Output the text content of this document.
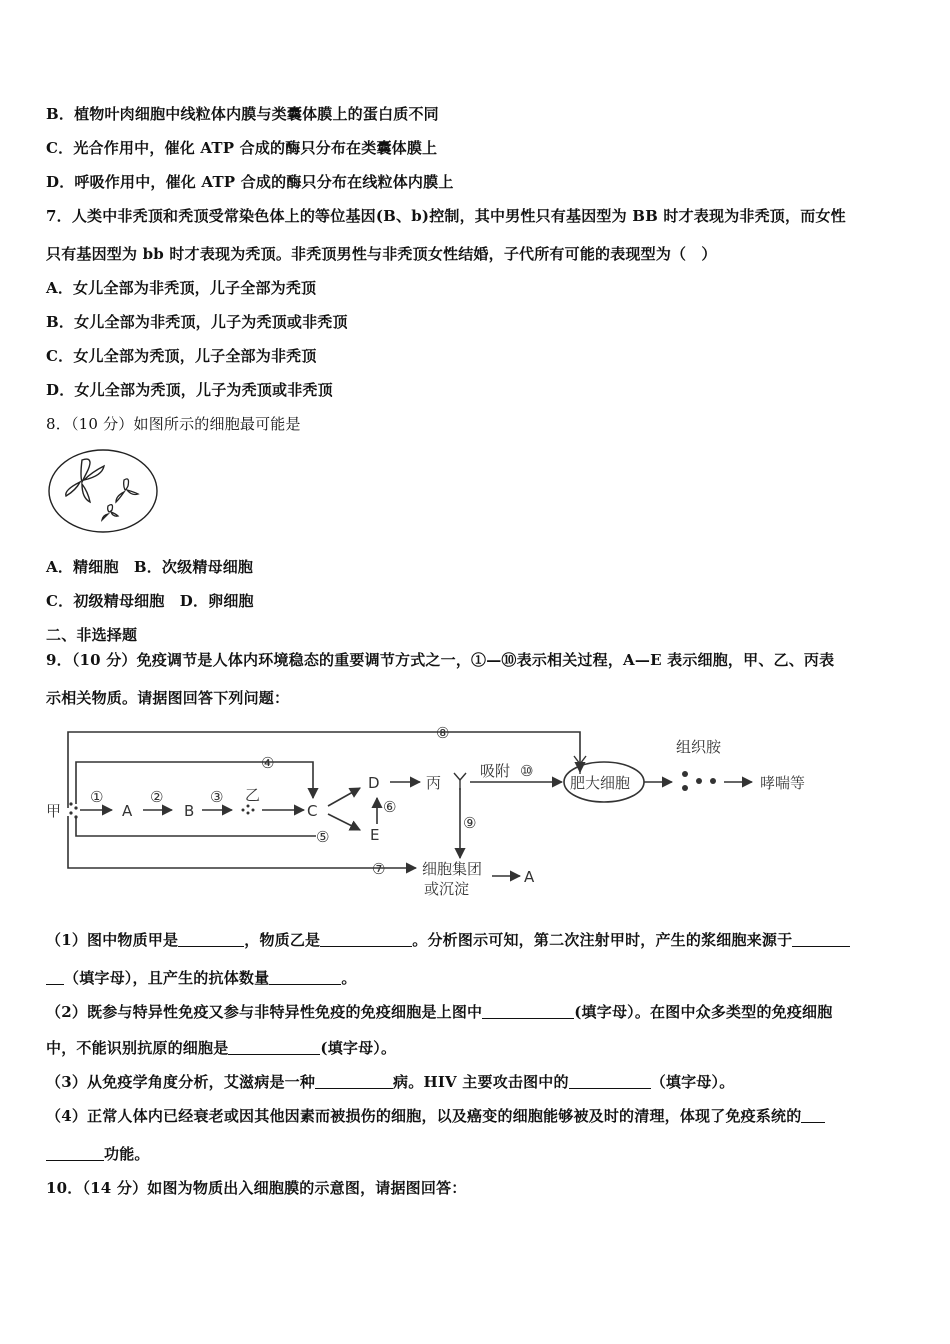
B．植物叶肉细胞中线粒体内膜与类囊体膜上的蛋白质不同
C．光合作用中，催化 ATP 合成的酶只分布在类囊体膜上
D．呼吸作用中，催化 ATP 合成的酶只分布在线粒体内膜上
7．人类中非秃顶和秃顶受常染色体上的等位基因(B、b)控制，其中男性只有基因型为 BB 时才表现为非秃顶，而女性
只有基因型为 bb 时才表现为秃顶。非秃顶男性与非秃顶女性结婚，子代所有可能的表现型为（　）
A．女儿全部为非秃顶，儿子全部为秃顶
B．女儿全部为非秃顶，儿子为秃顶或非秃顶
C．女儿全部为秃顶，儿子全部为非秃顶
D．女儿全部为秃顶，儿子为秃顶或非秃顶
8．（10 分）如图所示的细胞最可能是
A．精细胞　B．次级精母细胞
C．初级精母细胞　D．卵细胞
二、非选择题
9．（10 分）免疫调节是人体内环境稳态的重要调节方式之一，①—⑩表示相关过程，A—E 表示细胞，甲、乙、丙表
示相关物质。请据图回答下列问题：
⑧
④
①	②	③
⑤
⑥
⑨
⑦
⑩
甲	A	B
乙
C
D
E
丙
吸附
肥大细胞
组织胺
哮喘等
细胞集团
或沉淀
A
（1）图中物质甲是	，物质乙是	。分析图示可知，第二次注射甲时，产生的浆细胞来源于
（填字母），且产生的抗体数量	。
（2）既参与特异性免疫又参与非特异性免疫的免疫细胞是上图中	(填字母）。在图中众多类型的免疫细胞
中，不能识别抗原的细胞是	(填字母）。
（3）从免疫学角度分析，艾滋病是一种	病。HIV 主要攻击图中的	（填字母）。
（4）正常人体内已经衰老或因其他因素而被损伤的细胞，以及癌变的细胞能够被及时的清理，体现了免疫系统的
功能。
10．（14 分）如图为物质出入细胞膜的示意图，请据图回答：
